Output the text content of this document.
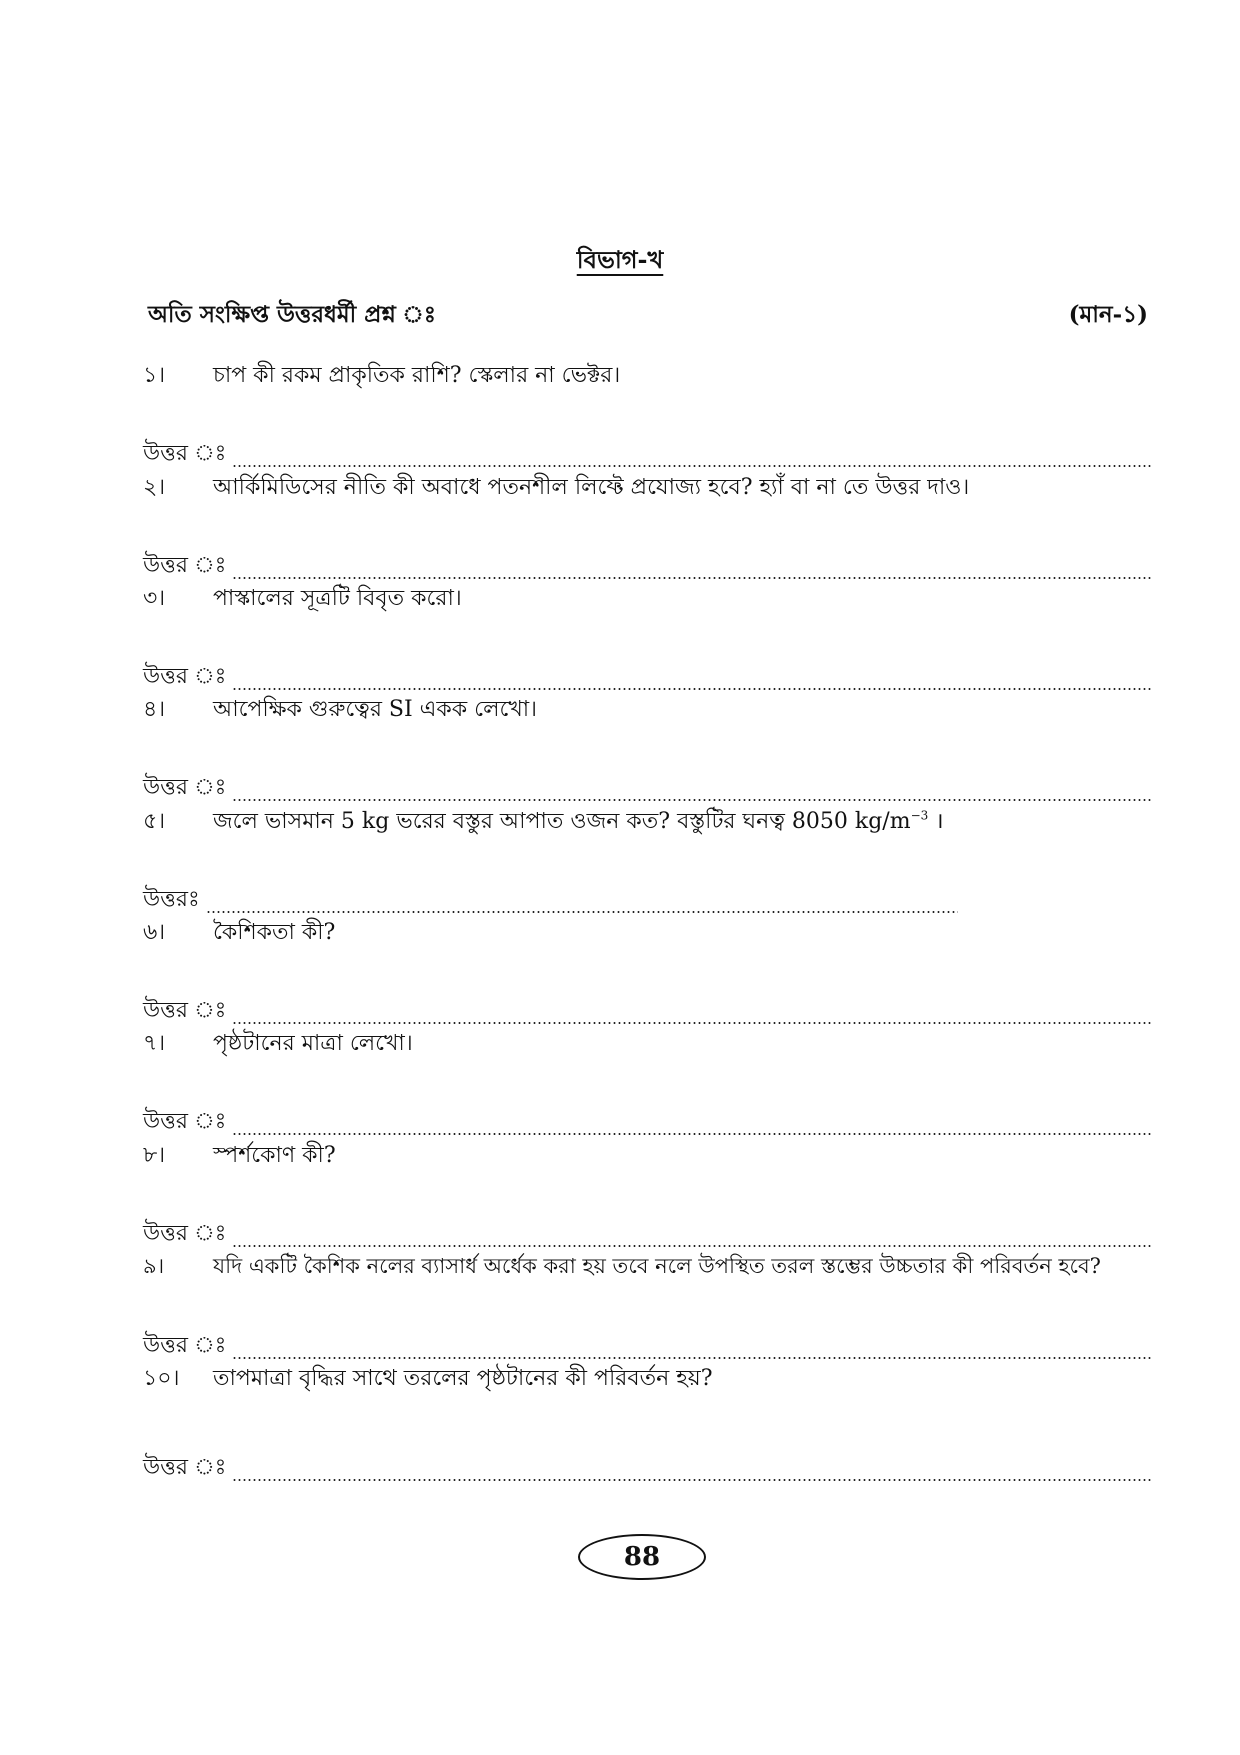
বিভাগ-খ
অতি সংক্ষিপ্ত উত্তরধর্মী প্রশ্ন ঃ	(মান-১)
১।	চাপ কী রকম প্রাকৃতিক রাশি? স্কেলার না ভেক্টর।
উত্তর ঃ
২।	আর্কিমিডিসের নীতি কী অবাধে পতনশীল লিফ্টে প্রযোজ্য হবে? হ্যাঁ বা না তে উত্তর দাও।
উত্তর ঃ
৩।	পাস্কালের সূত্রটি বিবৃত করো।
উত্তর ঃ
৪।	আপেক্ষিক গুরুত্বের SI একক লেখো।
উত্তর ঃ
৫।	জলে ভাসমান 5 kg ভরের বস্তুর আপাত ওজন কত? বস্তুটির ঘনত্ব 8050 $kg/m^{-3}$ ।
উত্তরঃ
৬।	কৈশিকতা কী?
উত্তর ঃ
৭।	পৃষ্ঠটানের মাত্রা লেখো।
উত্তর ঃ
৮।	স্পর্শকোণ কী?
উত্তর ঃ
৯।	যদি একটি কৈশিক নলের ব্যাসার্ধ অর্ধেক করা হয় তবে নলে উপস্থিত তরল স্তম্ভের উচ্চতার কী পরিবর্তন হবে?
উত্তর ঃ
১০।	তাপমাত্রা বৃদ্ধির সাথে তরলের পৃষ্ঠটানের কী পরিবর্তন হয়?
উত্তর ঃ
88
